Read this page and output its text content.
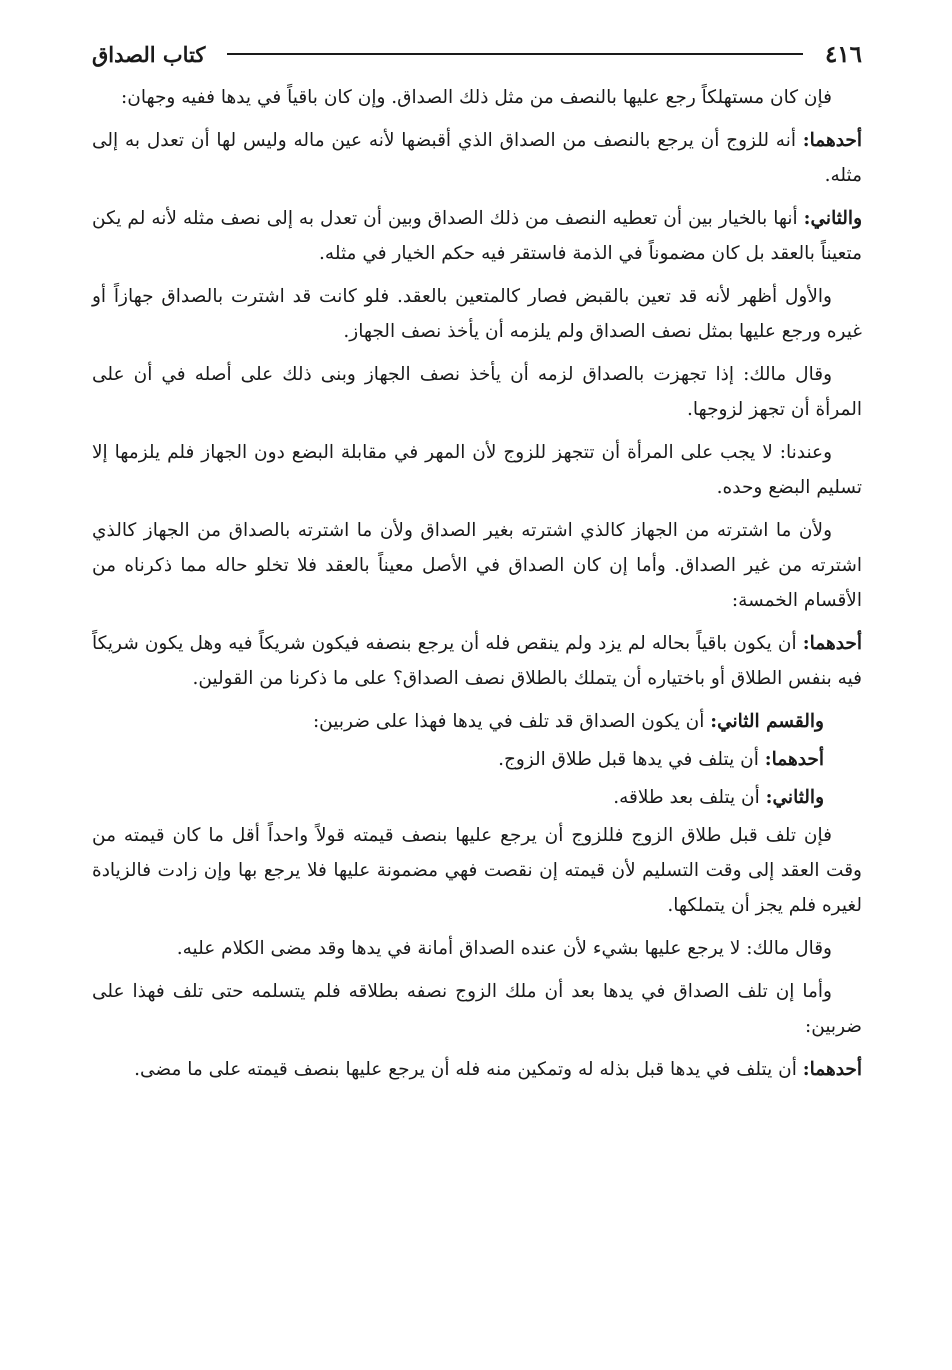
٤١٦
كتاب الصداق

فإن كان مستهلكاً رجع عليها بالنصف من مثل ذلك الصداق. وإن كان باقياً في يدها ففيه وجهان:

أحدهما: أنه للزوج أن يرجع بالنصف من الصداق الذي أقبضها لأنه عين ماله وليس لها أن تعدل به إلى مثله.

والثاني: أنها بالخيار بين أن تعطيه النصف من ذلك الصداق وبين أن تعدل به إلى نصف مثله لأنه لم يكن متعيناً بالعقد بل كان مضموناً في الذمة فاستقر فيه حكم الخيار في مثله.

والأول أظهر لأنه قد تعين بالقبض فصار كالمتعين بالعقد. فلو كانت قد اشترت بالصداق جهازاً أو غيره ورجع عليها بمثل نصف الصداق ولم يلزمه أن يأخذ نصف الجهاز.

وقال مالك: إذا تجهزت بالصداق لزمه أن يأخذ نصف الجهاز وبنى ذلك على أصله في أن على المرأة أن تجهز لزوجها.

وعندنا: لا يجب على المرأة أن تتجهز للزوج لأن المهر في مقابلة البضع دون الجهاز فلم يلزمها إلا تسليم البضع وحده.

ولأن ما اشترته من الجهاز كالذي اشترته بغير الصداق ولأن ما اشترته بالصداق من الجهاز كالذي اشترته من غير الصداق. وأما إن كان الصداق في الأصل معيناً بالعقد فلا تخلو حاله مما ذكرناه من الأقسام الخمسة:

أحدهما: أن يكون باقياً بحاله لم يزد ولم ينقص فله أن يرجع بنصفه فيكون شريكاً فيه وهل يكون شريكاً فيه بنفس الطلاق أو باختياره أن يتملك بالطلاق نصف الصداق؟ على ما ذكرنا من القولين.

والقسم الثاني: أن يكون الصداق قد تلف في يدها فهذا على ضربين:

أحدهما: أن يتلف في يدها قبل طلاق الزوج.

والثاني: أن يتلف بعد طلاقه.

فإن تلف قبل طلاق الزوج فللزوج أن يرجع عليها بنصف قيمته قولاً واحداً أقل ما كان قيمته من وقت العقد إلى وقت التسليم لأن قيمته إن نقصت فهي مضمونة عليها فلا يرجع بها وإن زادت فالزيادة لغيره فلم يجز أن يتملكها.

وقال مالك: لا يرجع عليها بشيء لأن عنده الصداق أمانة في يدها وقد مضى الكلام عليه.

وأما إن تلف الصداق في يدها بعد أن ملك الزوج نصفه بطلاقه فلم يتسلمه حتى تلف فهذا على ضربين:

أحدهما: أن يتلف في يدها قبل بذله له وتمكين منه فله أن يرجع عليها بنصف قيمته على ما مضى.
